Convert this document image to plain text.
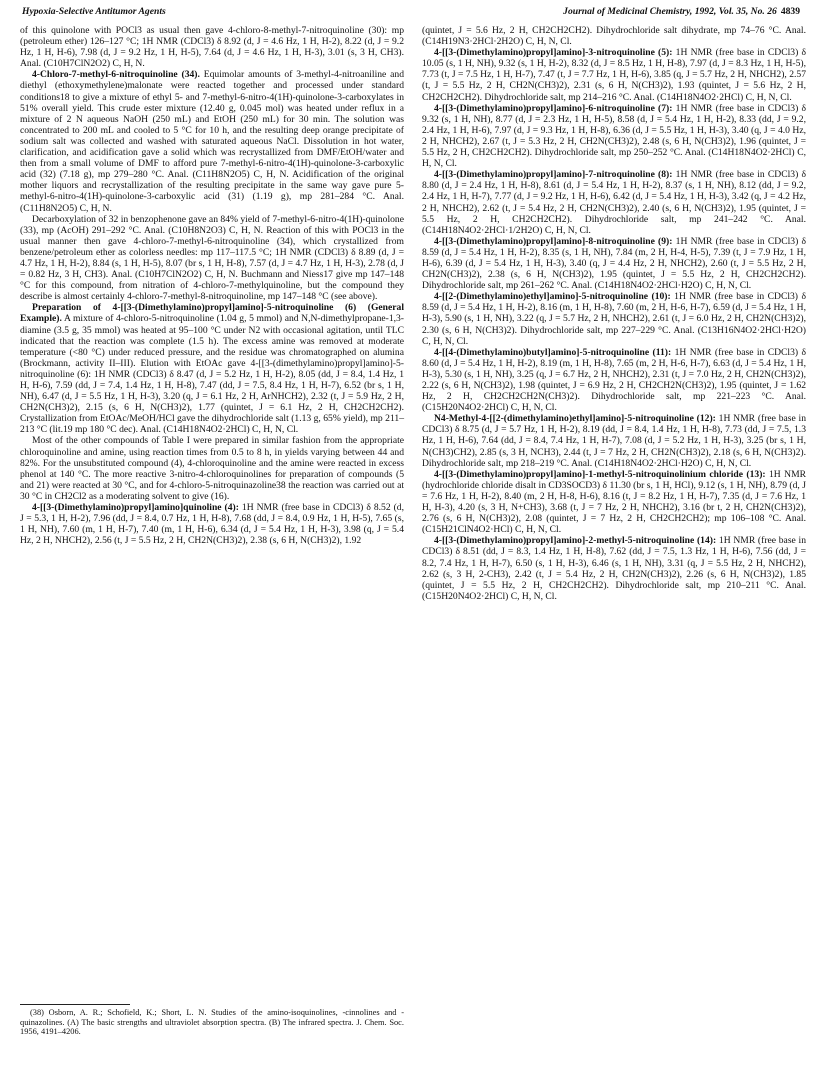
Hypoxia-Selective Antitumor Agents	Journal of Medicinal Chemistry, 1992, Vol. 35, No. 26 4839

of this quinolone with POCl3 as usual then gave 4-chloro-8-methyl-7-nitroquinoline (30): mp (petroleum ether) 126–127 °C; 1H NMR (CDCl3) δ 8.92 (d, J = 4.6 Hz, 1 H, H-2), 8.22 (d, J = 9.2 Hz, 1 H, H-6), 7.98 (d, J = 9.2 Hz, 1 H, H-5), 7.64 (d, J = 4.6 Hz, 1 H, H-3), 3.01 (s, 3 H, CH3). Anal. (C10H7ClN2O2) C, H, N.

4-Chloro-7-methyl-6-nitroquinoline (34). Equimolar amounts of 3-methyl-4-nitroaniline and diethyl (ethoxymethylene)malonate were reacted together and processed under standard conditions18 to give a mixture of ethyl 5- and 7-methyl-6-nitro-4(1H)-quinolone-3-carboxylates in 51% overall yield. This crude ester mixture (12.40 g, 0.045 mol) was heated under reflux in a mixture of 2 N aqueous NaOH (250 mL) and EtOH (250 mL) for 30 min. The solution was concentrated to 200 mL and cooled to 5 °C for 10 h, and the resulting deep orange precipitate of sodium salt was collected and washed with saturated aqueous NaCl. Dissolution in hot water, clarification, and acidification gave a solid which was recrystallized from DMF/EtOH/water and then from a small volume of DMF to afford pure 7-methyl-6-nitro-4(1H)-quinolone-3-carboxylic acid (32) (7.18 g), mp 279–280 °C. Anal. (C11H8N2O5) C, H, N. Acidification of the original mother liquors and recrystallization of the resulting precipitate in the same way gave pure 5-methyl-6-nitro-4(1H)-quinolone-3-carboxylic acid (31) (1.19 g), mp 281–284 °C. Anal. (C11H8N2O5) C, H, N.

Decarboxylation of 32 in benzophenone gave an 84% yield of 7-methyl-6-nitro-4(1H)-quinolone (33), mp (AcOH) 291–292 °C. Anal. (C10H8N2O3) C, H, N. Reaction of this with POCl3 in the usual manner then gave 4-chloro-7-methyl-6-nitroquinoline (34), which crystallized from benzene/petroleum ether as colorless needles: mp 117–117.5 °C; 1H NMR (CDCl3) δ 8.89 (d, J = 4.7 Hz, 1 H, H-2), 8.84 (s, 1 H, H-5), 8.07 (br s, 1 H, H-8), 7.57 (d, J = 4.7 Hz, 1 H, H-3), 2.78 (d, J = 0.82 Hz, 3 H, CH3). Anal. (C10H7ClN2O2) C, H, N. Buchmann and Niess17 give mp 147–148 °C for this compound, from nitration of 4-chloro-7-methylquinoline, but the compound they describe is almost certainly 4-chloro-7-methyl-8-nitroquinoline, mp 147–148 °C (see above).

Preparation of 4-[[3-(Dimethylamino)propyl]amino]-5-nitroquinoline (6) (General Example). A mixture of 4-chloro-5-nitroquinoline (1.04 g, 5 mmol) and N,N-dimethylpropane-1,3-diamine (3.5 g, 35 mmol) was heated at 95–100 °C under N2 with occasional agitation, until TLC indicated that the reaction was complete (1.5 h). The excess amine was removed at moderate temperature (<80 °C) under reduced pressure, and the residue was chromatographed on alumina (Brockmann, activity II–III). Elution with EtOAc gave 4-[[3-(dimethylamino)propyl]amino]-5-nitroquinoline (6): 1H NMR (CDCl3) δ 8.47 (d, J = 5.2 Hz, 1 H, H-2), 8.05 (dd, J = 8.4, 1.4 Hz, 1 H, H-6), 7.59 (dd, J = 7.4, 1.4 Hz, 1 H, H-8), 7.47 (dd, J = 7.5, 8.4 Hz, 1 H, H-7), 6.52 (br s, 1 H, NH), 6.47 (d, J = 5.5 Hz, 1 H, H-3), 3.20 (q, J = 6.1 Hz, 2 H, ArNHCH2), 2.32 (t, J = 5.9 Hz, 2 H, CH2N(CH3)2), 2.15 (s, 6 H, N(CH3)2), 1.77 (quintet, J = 6.1 Hz, 2 H, CH2CH2CH2). Crystallization from EtOAc/MeOH/HCl gave the dihydrochloride salt (1.13 g, 65% yield), mp 211–213 °C (lit.19 mp 180 °C dec). Anal. (C14H18N4O2·2HCl) C, H, N, Cl.

Most of the other compounds of Table I were prepared in similar fashion from the appropriate chloroquinoline and amine, using reaction times from 0.5 to 8 h, in yields varying between 44 and 82%. For the unsubstituted compound (4), 4-chloroquinoline and the amine were reacted in excess phenol at 140 °C. The more reactive 3-nitro-4-chloroquinolines for preparation of compounds (5 and 21) were reacted at 30 °C, and for 4-chloro-5-nitroquinazoline38 the reaction was carried out at 30 °C in CH2Cl2 as a moderating solvent to give (16).

4-[[3-(Dimethylamino)propyl]amino]quinoline (4): 1H NMR (free base in CDCl3) δ 8.52 (d, J = 5.3, 1 H, H-2), 7.96 (dd, J = 8.4, 0.7 Hz, 1 H, H-8), 7.68 (dd, J = 8.4, 0.9 Hz, 1 H, H-5), 7.65 (s, 1 H, NH), 7.60 (m, 1 H, H-7), 7.40 (m, 1 H, H-6), 6.34 (d, J = 5.4 Hz, 1 H, H-3), 3.98 (q, J = 5.4 Hz, 2 H, NHCH2), 2.56 (t, J = 5.5 Hz, 2 H, CH2N(CH3)2), 2.38 (s, 6 H, N(CH3)2), 1.92

(quintet, J = 5.6 Hz, 2 H, CH2CH2CH2). Dihydrochloride salt dihydrate, mp 74–76 °C. Anal. (C14H19N3·2HCl·2H2O) C, H, N, Cl.

4-[[3-(Dimethylamino)propyl]amino]-3-nitroquinoline (5): 1H NMR (free base in CDCl3) δ 10.05 (s, 1 H, NH), 9.32 (s, 1 H, H-2), 8.32 (d, J = 8.5 Hz, 1 H, H-8), 7.97 (d, J = 8.3 Hz, 1 H, H-5), 7.73 (t, J = 7.5 Hz, 1 H, H-7), 7.47 (t, J = 7.7 Hz, 1 H, H-6), 3.85 (q, J = 5.7 Hz, 2 H, NHCH2), 2.57 (t, J = 5.5 Hz, 2 H, CH2N(CH3)2), 2.31 (s, 6 H, N(CH3)2), 1.93 (quintet, J = 5.6 Hz, 2 H, CH2CH2CH2). Dihydrochloride salt, mp 214–216 °C. Anal. (C14H18N4O2·2HCl) C, H, N, Cl.

4-[[3-(Dimethylamino)propyl]amino]-6-nitroquinoline (7): 1H NMR (free base in CDCl3) δ 9.32 (s, 1 H, NH), 8.77 (d, J = 2.3 Hz, 1 H, H-5), 8.58 (d, J = 5.4 Hz, 1 H, H-2), 8.33 (dd, J = 9.2, 2.4 Hz, 1 H, H-6), 7.97 (d, J = 9.3 Hz, 1 H, H-8), 6.36 (d, J = 5.5 Hz, 1 H, H-3), 3.40 (q, J = 4.0 Hz, 2 H, NHCH2), 2.67 (t, J = 5.3 Hz, 2 H, CH2N(CH3)2), 2.48 (s, 6 H, N(CH3)2), 1.96 (quintet, J = 5.5 Hz, 2 H, CH2CH2CH2). Dihydrochloride salt, mp 250–252 °C. Anal. (C14H18N4O2·2HCl) C, H, N, Cl.

4-[[3-(Dimethylamino)propyl]amino]-7-nitroquinoline (8): 1H NMR (free base in CDCl3) δ 8.80 (d, J = 2.4 Hz, 1 H, H-8), 8.61 (d, J = 5.4 Hz, 1 H, H-2), 8.37 (s, 1 H, NH), 8.12 (dd, J = 9.2, 2.4 Hz, 1 H, H-7), 7.77 (d, J = 9.2 Hz, 1 H, H-6), 6.42 (d, J = 5.4 Hz, 1 H, H-3), 3.42 (q, J = 4.2 Hz, 2 H, NHCH2), 2.62 (t, J = 5.4 Hz, 2 H, CH2N(CH3)2), 2.40 (s, 6 H, N(CH3)2), 1.95 (quintet, J = 5.5 Hz, 2 H, CH2CH2CH2). Dihydrochloride salt, mp 241–242 °C. Anal. (C14H18N4O2·2HCl·1/2H2O) C, H, N, Cl.

4-[[3-(Dimethylamino)propyl]amino]-8-nitroquinoline (9): 1H NMR (free base in CDCl3) δ 8.59 (d, J = 5.4 Hz, 1 H, H-2), 8.35 (s, 1 H, NH), 7.84 (m, 2 H, H-4, H-5), 7.39 (t, J = 7.9 Hz, 1 H, H-6), 6.39 (d, J = 5.4 Hz, 1 H, H-3), 3.40 (q, J = 4.4 Hz, 2 H, NHCH2), 2.60 (t, J = 5.5 Hz, 2 H, CH2N(CH3)2), 2.38 (s, 6 H, N(CH3)2), 1.95 (quintet, J = 5.5 Hz, 2 H, CH2CH2CH2). Dihydrochloride salt, mp 261–262 °C. Anal. (C14H18N4O2·2HCl·H2O) C, H, N, Cl.

4-[[2-(Dimethylamino)ethyl]amino]-5-nitroquinoline (10): 1H NMR (free base in CDCl3) δ 8.59 (d, J = 5.4 Hz, 1 H, H-2), 8.16 (m, 1 H, H-8), 7.60 (m, 2 H, H-6, H-7), 6.59 (d, J = 5.4 Hz, 1 H, H-3), 5.90 (s, 1 H, NH), 3.22 (q, J = 5.7 Hz, 2 H, NHCH2), 2.61 (t, J = 6.0 Hz, 2 H, CH2N(CH3)2), 2.30 (s, 6 H, N(CH3)2). Dihydrochloride salt, mp 227–229 °C. Anal. (C13H16N4O2·2HCl·H2O) C, H, N, Cl.

4-[[4-(Dimethylamino)butyl]amino]-5-nitroquinoline (11): 1H NMR (free base in CDCl3) δ 8.60 (d, J = 5.4 Hz, 1 H, H-2), 8.19 (m, 1 H, H-8), 7.65 (m, 2 H, H-6, H-7), 6.63 (d, J = 5.4 Hz, 1 H, H-3), 5.30 (s, 1 H, NH), 3.25 (q, J = 6.7 Hz, 2 H, NHCH2), 2.31 (t, J = 7.0 Hz, 2 H, CH2N(CH3)2), 2.22 (s, 6 H, N(CH3)2), 1.98 (quintet, J = 6.9 Hz, 2 H, CH2CH2N(CH3)2), 1.95 (quintet, J = 1.62 Hz, 2 H, CH2CH2CH2N(CH3)2). Dihydrochloride salt, mp 221–223 °C. Anal. (C15H20N4O2·2HCl) C, H, N, Cl.

N4-Methyl-4-[[2-(dimethylamino)ethyl]amino]-5-nitroquinoline (12): 1H NMR (free base in CDCl3) δ 8.75 (d, J = 5.7 Hz, 1 H, H-2), 8.19 (dd, J = 8.4, 1.4 Hz, 1 H, H-8), 7.73 (dd, J = 7.5, 1.3 Hz, 1 H, H-6), 7.64 (dd, J = 8.4, 7.4 Hz, 1 H, H-7), 7.08 (d, J = 5.2 Hz, 1 H, H-3), 3.25 (br s, 1 H, N(CH3)CH2), 2.85 (s, 3 H, NCH3), 2.44 (t, J = 7 Hz, 2 H, CH2N(CH3)2), 2.18 (s, 6 H, N(CH3)2). Dihydrochloride salt, mp 218–219 °C. Anal. (C14H18N4O2·2HCl·H2O) C, H, N, Cl.

4-[[3-(Dimethylamino)propyl]amino]-1-methyl-5-nitroquinolinium chloride (13): 1H NMR (hydrochloride chloride disalt in CD3SOCD3) δ 11.30 (br s, 1 H, HCl), 9.12 (s, 1 H, NH), 8.79 (d, J = 7.6 Hz, 1 H, H-2), 8.40 (m, 2 H, H-8, H-6), 8.16 (t, J = 8.2 Hz, 1 H, H-7), 7.35 (d, J = 7.6 Hz, 1 H, H-3), 4.20 (s, 3 H, N+CH3), 3.68 (t, J = 7 Hz, 2 H, NHCH2), 3.16 (br t, 2 H, CH2N(CH3)2), 2.76 (s, 6 H, N(CH3)2), 2.08 (quintet, J = 7 Hz, 2 H, CH2CH2CH2); mp 106–108 °C. Anal. (C15H21ClN4O2·HCl) C, H, N, Cl.

4-[[3-(Dimethylamino)propyl]amino]-2-methyl-5-nitroquinoline (14): 1H NMR (free base in CDCl3) δ 8.51 (dd, J = 8.3, 1.4 Hz, 1 H, H-8), 7.62 (dd, J = 7.5, 1.3 Hz, 1 H, H-6), 7.56 (dd, J = 8.2, 7.4 Hz, 1 H, H-7), 6.50 (s, 1 H, H-3), 6.46 (s, 1 H, NH), 3.31 (q, J = 5.5 Hz, 2 H, NHCH2), 2.62 (s, 3 H, 2-CH3), 2.42 (t, J = 5.4 Hz, 2 H, CH2N(CH3)2), 2.26 (s, 6 H, N(CH3)2), 1.85 (quintet, J = 5.5 Hz, 2 H, CH2CH2CH2). Dihydrochloride salt, mp 210–211 °C. Anal. (C15H20N4O2·2HCl) C, H, N, Cl.

(38) Osborn, A. R.; Schofield, K.; Short, L. N. Studies of the amino-isoquinolines, -cinnolines and -quinazolines. (A) The basic strengths and ultraviolet absorption spectra. (B) The infrared spectra. J. Chem. Soc. 1956, 4191–4206.
